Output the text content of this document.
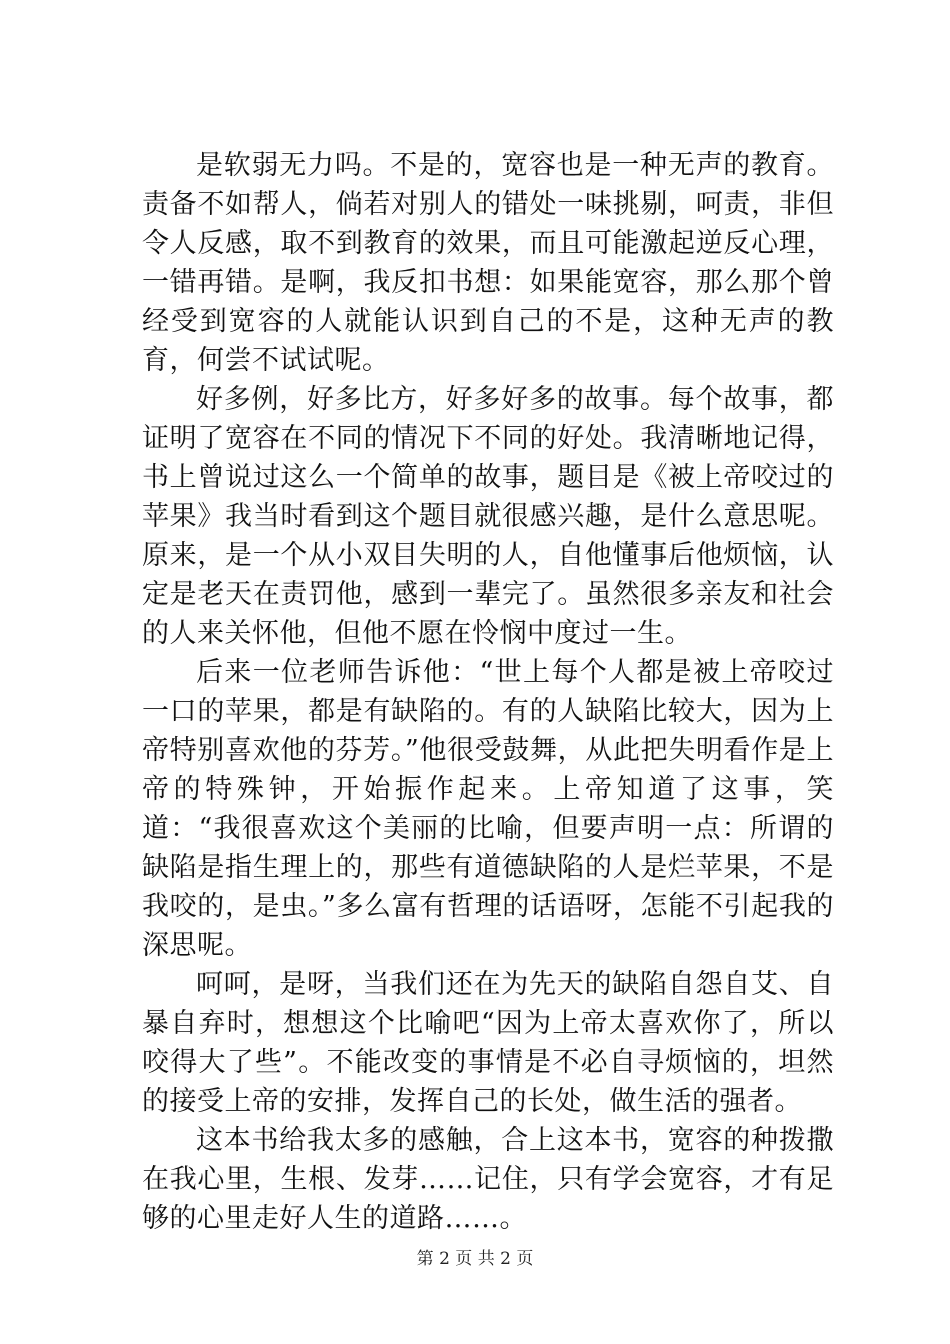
是软弱无力吗。不是的，宽容也是一种无声的教育。责备不如帮人，倘若对别人的错处一味挑剔，呵责，非但令人反感，取不到教育的效果，而且可能激起逆反心理，一错再错。是啊，我反扣书想：如果能宽容，那么那个曾经受到宽容的人就能认识到自己的不是，这种无声的教育，何尝不试试呢。

好多例，好多比方，好多好多的故事。每个故事，都证明了宽容在不同的情况下不同的好处。我清晰地记得，书上曾说过这么一个简单的故事，题目是《被上帝咬过的苹果》我当时看到这个题目就很感兴趣，是什么意思呢。原来，是一个从小双目失明的人，自他懂事后他烦恼，认定是老天在责罚他，感到一辈完了。虽然很多亲友和社会的人来关怀他，但他不愿在怜悯中度过一生。

后来一位老师告诉他：“世上每个人都是被上帝咬过一口的苹果，都是有缺陷的。有的人缺陷比较大，因为上帝特别喜欢他的芬芳。”他很受鼓舞，从此把失明看作是上帝的特殊钟，开始振作起来。上帝知道了这事，笑道：“我很喜欢这个美丽的比喻，但要声明一点：所谓的缺陷是指生理上的，那些有道德缺陷的人是烂苹果，不是我咬的，是虫。”多么富有哲理的话语呀，怎能不引起我的深思呢。

呵呵，是呀，当我们还在为先天的缺陷自怨自艾、自暴自弃时，想想这个比喻吧“因为上帝太喜欢你了，所以咬得大了些”。不能改变的事情是不必自寻烦恼的，坦然的接受上帝的安排，发挥自己的长处，做生活的强者。

这本书给我太多的感触，合上这本书，宽容的种拨撒在我心里，生根、发芽……记住，只有学会宽容，才有足够的心里走好人生的道路……。

第 2 页 共 2 页
